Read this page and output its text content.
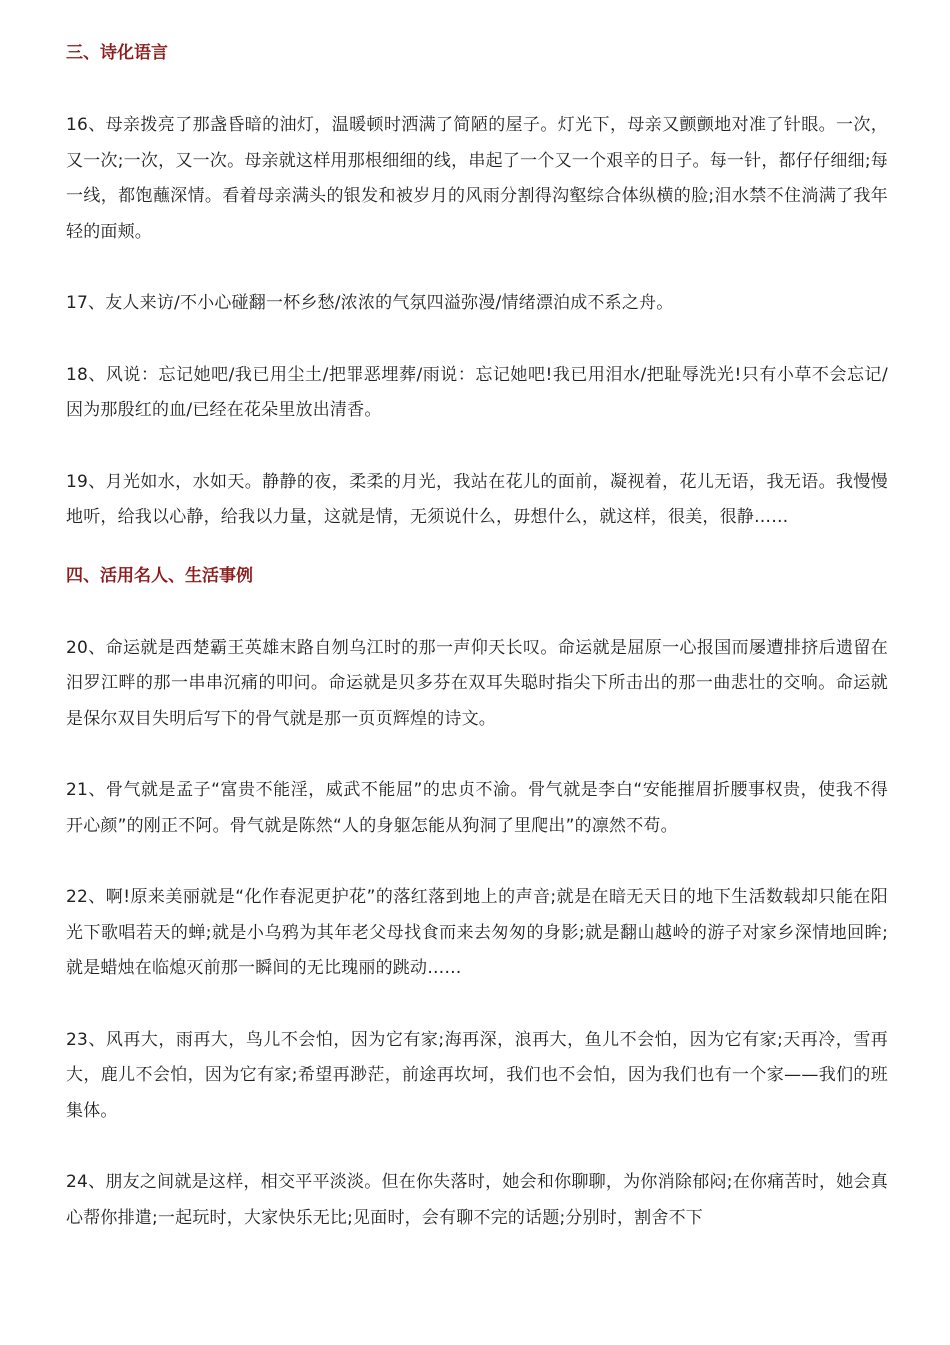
三、诗化语言

16、母亲拨亮了那盏昏暗的油灯，温暖顿时洒满了简陋的屋子。灯光下，母亲又颤颤地对准了针眼。一次，又一次;一次，又一次。母亲就这样用那根细细的线，串起了一个又一个艰辛的日子。每一针，都仔仔细细;每一线，都饱蘸深情。看着母亲满头的银发和被岁月的风雨分割得沟壑综合体纵横的脸;泪水禁不住淌满了我年轻的面颊。

17、友人来访/不小心碰翻一杯乡愁/浓浓的气氛四溢弥漫/情绪漂泊成不系之舟。

18、风说：忘记她吧/我已用尘土/把罪恶埋葬/雨说：忘记她吧!我已用泪水/把耻辱洗光!只有小草不会忘记/因为那殷红的血/已经在花朵里放出清香。

19、月光如水，水如天。静静的夜，柔柔的月光，我站在花儿的面前，凝视着，花儿无语，我无语。我慢慢地听，给我以心静，给我以力量，这就是情，无须说什么，毋想什么，就这样，很美，很静……

四、活用名人、生活事例

20、命运就是西楚霸王英雄末路自刎乌江时的那一声仰天长叹。命运就是屈原一心报国而屡遭排挤后遗留在汨罗江畔的那一串串沉痛的叩问。命运就是贝多芬在双耳失聪时指尖下所击出的那一曲悲壮的交响。命运就是保尔双目失明后写下的骨气就是那一页页辉煌的诗文。

21、骨气就是孟子“富贵不能淫，威武不能屈”的忠贞不渝。骨气就是李白“安能摧眉折腰事权贵，使我不得开心颜”的刚正不阿。骨气就是陈然“人的身躯怎能从狗洞了里爬出”的凛然不苟。

22、啊!原来美丽就是“化作春泥更护花”的落红落到地上的声音;就是在暗无天日的地下生活数载却只能在阳光下歌唱若天的蝉;就是小乌鸦为其年老父母找食而来去匆匆的身影;就是翻山越岭的游子对家乡深情地回眸;就是蜡烛在临熄灭前那一瞬间的无比瑰丽的跳动……

23、风再大，雨再大，鸟儿不会怕，因为它有家;海再深，浪再大，鱼儿不会怕，因为它有家;天再冷，雪再大，鹿儿不会怕，因为它有家;希望再渺茫，前途再坎坷，我们也不会怕，因为我们也有一个家——我们的班集体。

24、朋友之间就是这样，相交平平淡淡。但在你失落时，她会和你聊聊，为你消除郁闷;在你痛苦时，她会真心帮你排遣;一起玩时，大家快乐无比;见面时，会有聊不完的话题;分别时，割舍不下
